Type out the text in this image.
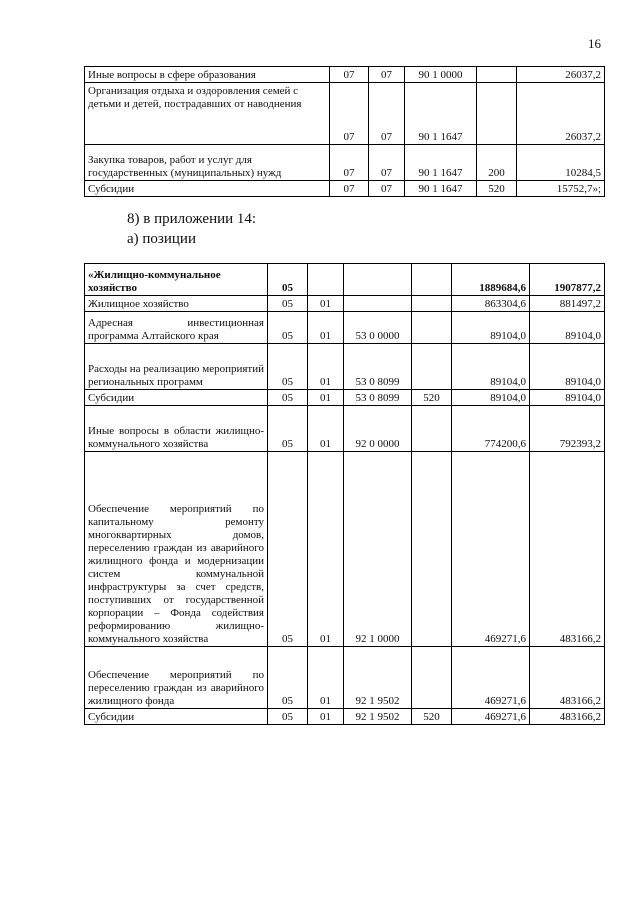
16
Иные вопросы в сфере образования	07	07	90 1 0000		26037,2
Организация отдыха и оздоровления семей с детьми и детей, пострадавших от наводнения	07	07	90 1 1647		26037,2
Закупка товаров, работ и услуг для государственных (муниципальных) нужд	07	07	90 1 1647	200	10284,5
Субсидии	07	07	90 1 1647	520	15752,7»;
8) в приложении 14:
а) позиции
«Жилищно-коммунальное хозяйство	05				1889684,6	1907877,2
Жилищное хозяйство	05	01			863304,6	881497,2
Адресная инвестиционная программа Алтайского края	05	01	53 0 0000		89104,0	89104,0
Расходы на реализацию мероприятий региональных программ	05	01	53 0 8099		89104,0	89104,0
Субсидии	05	01	53 0 8099	520	89104,0	89104,0
Иные вопросы в области жилищно-коммунального хозяйства	05	01	92 0 0000		774200,6	792393,2
Обеспечение мероприятий по капитальному ремонту многоквартирных домов, переселению граждан из аварийного жилищного фонда и модернизации систем коммунальной инфраструктуры за счет средств, поступивших от государственной корпорации – Фонда содействия реформированию жилищно-коммунального хозяйства	05	01	92 1 0000		469271,6	483166,2
Обеспечение мероприятий по переселению граждан из аварийного жилищного фонда	05	01	92 1 9502		469271,6	483166,2
Субсидии	05	01	92 1 9502	520	469271,6	483166,2
